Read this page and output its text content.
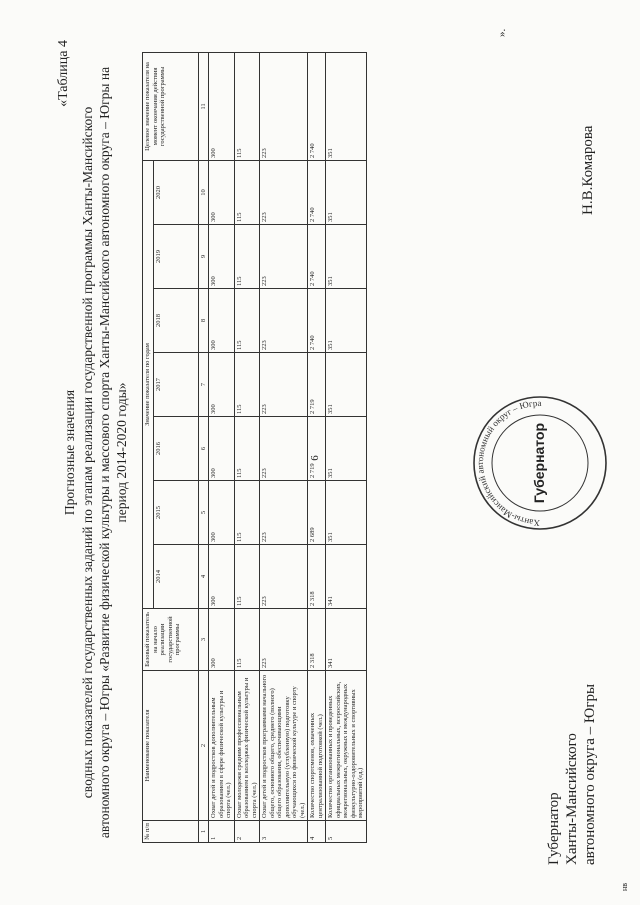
«Таблица 4
Прогнозные значения сводных показателей государственных заданий по этапам реализации государственной программы Ханты-Мансийского автономного округа – Югры «Развитие физической культуры и массового спорта Ханты-Мансийского автономного округа – Югры на период 2014-2020 годы»
№ п/п	Наименование показателя	Базовый показатель на начало реализации государственной программы	Значение показателя по годам							Целевое значение показателя на момент окончания действия государственной программы
			2014	2015	2016	2017	2018	2019	2020	
1	2	3	4	5	6	7	8	9	10	11
1	Охват детей и подростков дополнительным образованием в сфере физической культуры и спорта (чел.)	300	300	300	300	300	300	300	300	300
2	Охват молодежи средним профессиональным образованием в колледжах физической культуры и спорта (чел.)	115	115	115	115	115	115	115	115	115
3	Охват детей и подростков программами начального общего, основного общего, среднего (полного) общего образования, обеспечивающими дополнительную (углубленную) подготовку обучающихся по физической культуре и спорту (чел.)	223	223	223	223	223	223	223	223	223
4	Количество спортсменов, охваченных централизованной подготовкой (чел.)	2 318	2 318	2 689	2 719	2 719	2 740	2 740	2 740	2 740
5	Количество организованных и проведенных официальных межрегиональных, всероссийских, межрегиональных, окружных и международных физкультурно-оздоровительных и спортивных мероприятий (ед.)	341	341	351	351	351	351	351	351	351
».
Губернатор Ханты-Мансийского автономного округа – Югры
Н.В.Комарова
Ханты-Мансийский автономный округ – Югра
Губернатор
нв
6
